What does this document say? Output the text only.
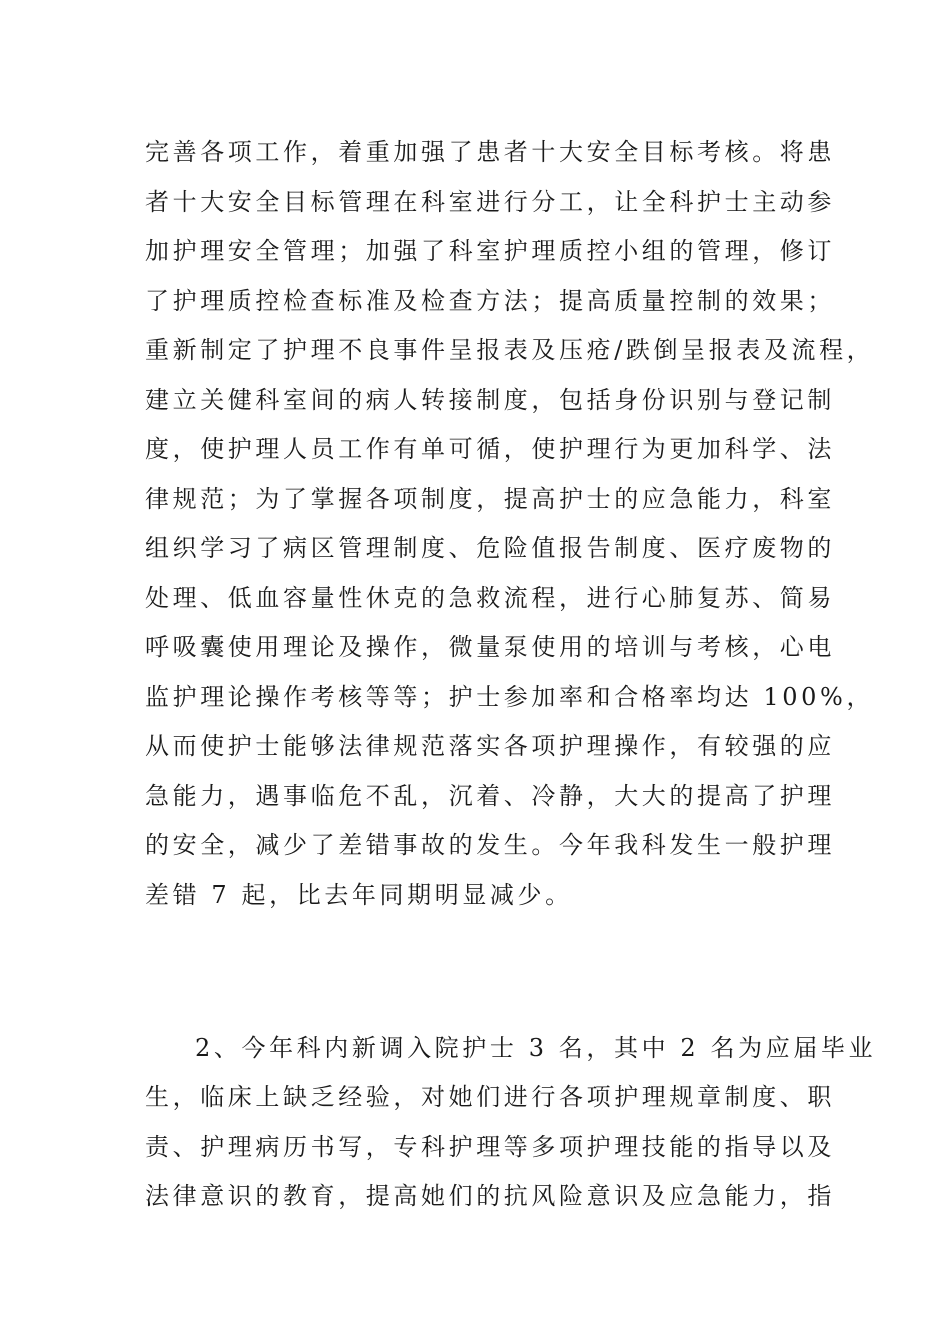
完善各项工作，着重加强了患者十大安全目标考核。将患

者十大安全目标管理在科室进行分工，让全科护士主动参

加护理安全管理；加强了科室护理质控小组的管理，修订

了护理质控检查标准及检查方法；提高质量控制的效果；

重新制定了护理不良事件呈报表及压疮/跌倒呈报表及流程，

建立关健科室间的病人转接制度，包括身份识别与登记制

度，使护理人员工作有单可循，使护理行为更加科学、法

律规范；为了掌握各项制度，提高护士的应急能力，科室

组织学习了病区管理制度、危险值报告制度、医疗废物的

处理、低血容量性休克的急救流程，进行心肺复苏、简易

呼吸囊使用理论及操作，微量泵使用的培训与考核，心电

监护理论操作考核等等；护士参加率和合格率均达 100%，

从而使护士能够法律规范落实各项护理操作，有较强的应

急能力，遇事临危不乱，沉着、冷静，大大的提高了护理

的安全，减少了差错事故的发生。今年我科发生一般护理

差错 7 起，比去年同期明显减少。

2、今年科内新调入院护士 3 名，其中 2 名为应届毕业

生，临床上缺乏经验，对她们进行各项护理规章制度、职

责、护理病历书写，专科护理等多项护理技能的指导以及

法律意识的教育，提高她们的抗风险意识及应急能力，指
